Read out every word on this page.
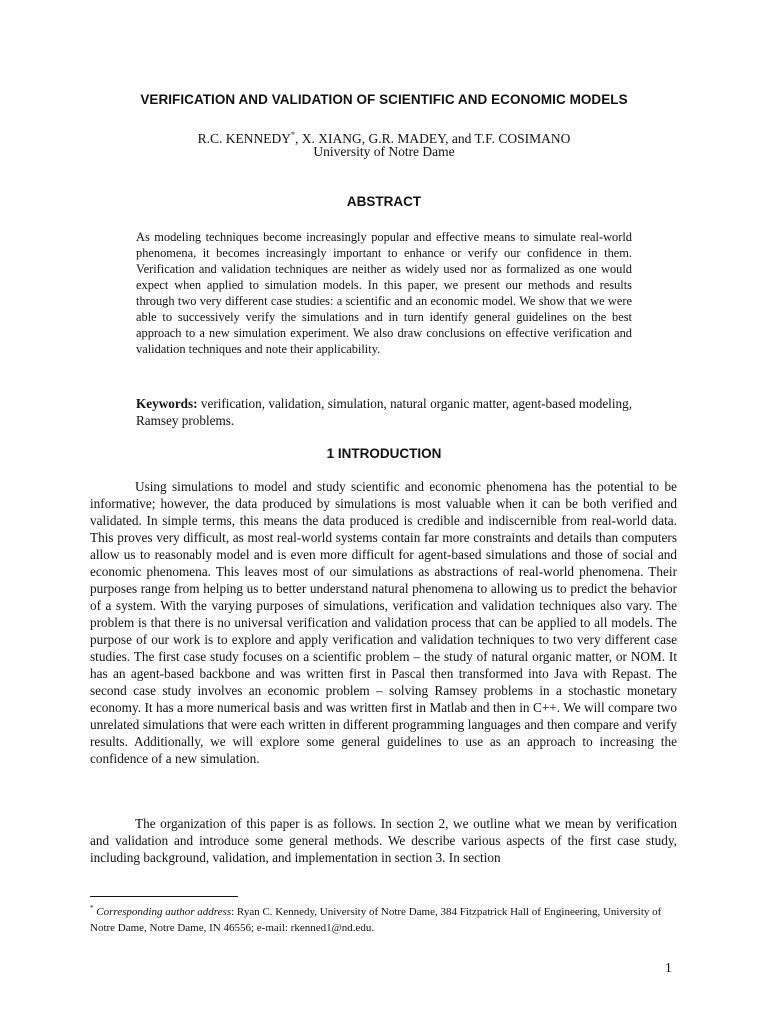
VERIFICATION AND VALIDATION OF SCIENTIFIC AND ECONOMIC MODELS
R.C. KENNEDY*, X. XIANG, G.R. MADEY, and T.F. COSIMANO
University of Notre Dame
ABSTRACT

As modeling techniques become increasingly popular and effective means to simulate real-world phenomena, it becomes increasingly important to enhance or verify our confidence in them. Verification and validation techniques are neither as widely used nor as formalized as one would expect when applied to simulation models. In this paper, we present our methods and results through two very different case studies: a scientific and an economic model. We show that we were able to successively verify the simulations and in turn identify general guidelines on the best approach to a new simulation experiment. We also draw conclusions on effective verification and validation techniques and note their applicability.

Keywords: verification, validation, simulation, natural organic matter, agent-based modeling, Ramsey problems.

1 INTRODUCTION

Using simulations to model and study scientific and economic phenomena has the potential to be informative; however, the data produced by simulations is most valuable when it can be both verified and validated. In simple terms, this means the data produced is credible and indiscernible from real-world data. This proves very difficult, as most real-world systems contain far more constraints and details than computers allow us to reasonably model and is even more difficult for agent-based simulations and those of social and economic phenomena. This leaves most of our simulations as abstractions of real-world phenomena. Their purposes range from helping us to better understand natural phenomena to allowing us to predict the behavior of a system. With the varying purposes of simulations, verification and validation techniques also vary. The problem is that there is no universal verification and validation process that can be applied to all models. The purpose of our work is to explore and apply verification and validation techniques to two very different case studies. The first case study focuses on a scientific problem – the study of natural organic matter, or NOM. It has an agent-based backbone and was written first in Pascal then transformed into Java with Repast. The second case study involves an economic problem – solving Ramsey problems in a stochastic monetary economy. It has a more numerical basis and was written first in Matlab and then in C++. We will compare two unrelated simulations that were each written in different programming languages and then compare and verify results. Additionally, we will explore some general guidelines to use as an approach to increasing the confidence of a new simulation.

The organization of this paper is as follows. In section 2, we outline what we mean by verification and validation and introduce some general methods. We describe various aspects of the first case study, including background, validation, and implementation in section 3. In section

* Corresponding author address: Ryan C. Kennedy, University of Notre Dame, 384 Fitzpatrick Hall of Engineering, University of Notre Dame, Notre Dame, IN 46556; e-mail: rkenned1@nd.edu.

1
